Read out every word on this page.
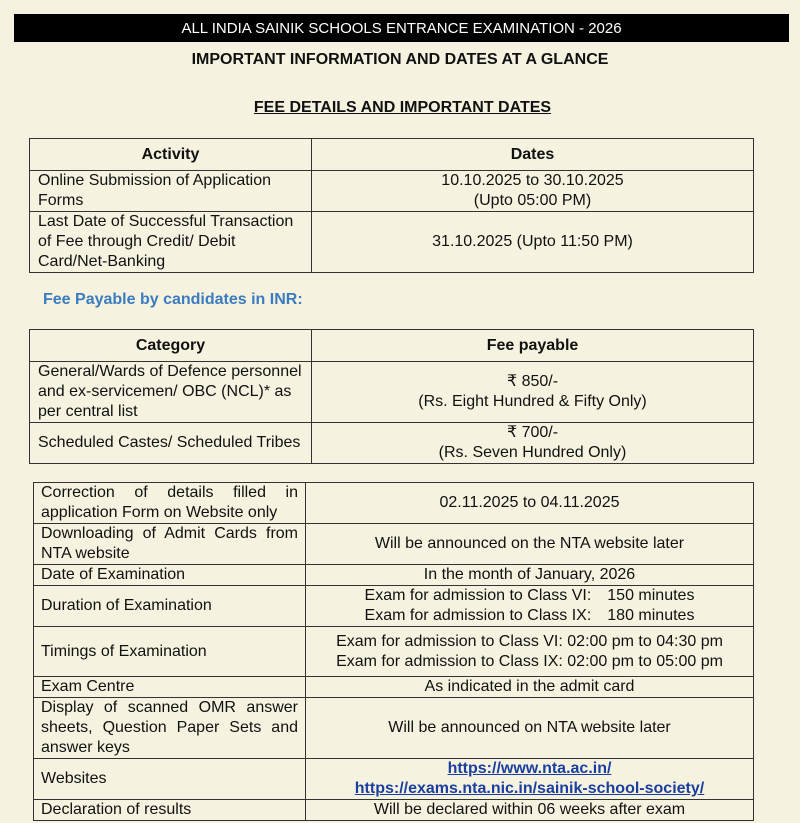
ALL INDIA SAINIK SCHOOLS ENTRANCE EXAMINATION - 2026
IMPORTANT INFORMATION AND DATES AT A GLANCE
FEE DETAILS AND IMPORTANT DATES
Activity	Dates
Online Submission of Application Forms	10.10.2025 to 30.10.2025
(Upto 05:00 PM)

Last Date of Successful Transaction of Fee through Credit/ Debit Card/Net-Banking	31.10.2025 (Upto 11:50 PM)
Fee Payable by candidates in INR:
Category	Fee payable
General/Wards of Defence personnel and ex-servicemen/ OBC (NCL)* as per central list	₹ 850/-
(Rs. Eight Hundred & Fifty Only)

Scheduled Castes/ Scheduled Tribes	₹ 700/-
(Rs. Seven Hundred Only)
Correction of details filled in application Form on Website only	02.11.2025 to 04.11.2025
Downloading of Admit Cards from NTA website	Will be announced on the NTA website later
Date of Examination	In the month of January, 2026
Duration of Examination	Exam for admission to Class VI: 150 minutes
Exam for admission to Class IX: 180 minutes

Timings of Examination	Exam for admission to Class VI: 02:00 pm to 04:30 pm
Exam for admission to Class IX: 02:00 pm to 05:00 pm

Exam Centre	As indicated in the admit card
Display of scanned OMR answer sheets, Question Paper Sets and answer keys	Will be announced on NTA website later
Websites	https://www.nta.ac.in/
https://exams.nta.nic.in/sainik-school-society/

Declaration of results	Will be declared within 06 weeks after exam
